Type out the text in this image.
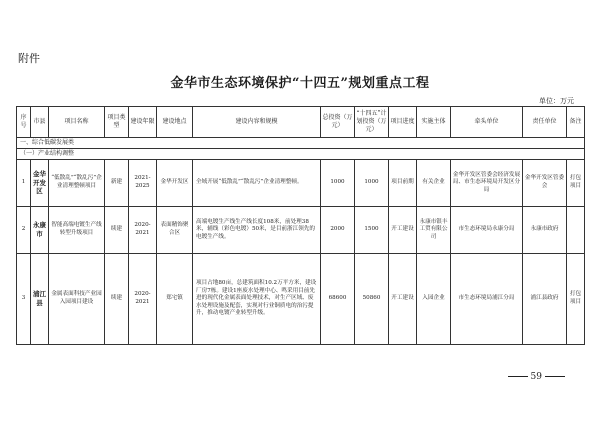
附件
金华市生态环境保护“十四五”规划重点工程
单位：万元
序号	市县	项目名称	项目类型	建设年限	建设地点	建设内容和规模	总投资（万元）	“十四五”计划投资（万元）	项目进度	实施主体	牵头单位	责任单位	备注
一、综合低碳发展类													
（一）产业结构调整													
1	金华开发区	“低散乱”“散乱污”企业清理整顿项目	新建	2021-2025	金华开发区	全域开展“低散乱”“散乱污”企业清理整顿。	1000	1000	项目前期	有关企业	金华开发区管委会经济发展局、市生态环境局开发区分局	金华开发区管委会	打包项目
2	永康市	智能高端电镀生产线转型升级项目	续建	2020-2021	表面精饰聚合区	高端电镀生产线生产线长度108米，前处理38米，辅线（彩色电镀）50米，是目前浙江领先的电镀生产线。	2000	1500	开工建设	永康市银丰工贸有限公司	市生态环境局永康分局	永康市政府	
3	浦江县	金属表面科技产业园入园项目建设	续建	2020-2021	郑宅镇	项目占地80亩，总建筑面积10.2万平方米，建设厂房7栋。建设1座废水处理中心、鸣采用目前先进的现代化金属表面处理技术，对生产区域、废水处理设施及配套，实现对行业铜质电的治污提升，推动电镀产业转型升级。	68600	50860	开工建设	入园企业	市生态环境局浦江分局	浦江县政府	打包项目
59
